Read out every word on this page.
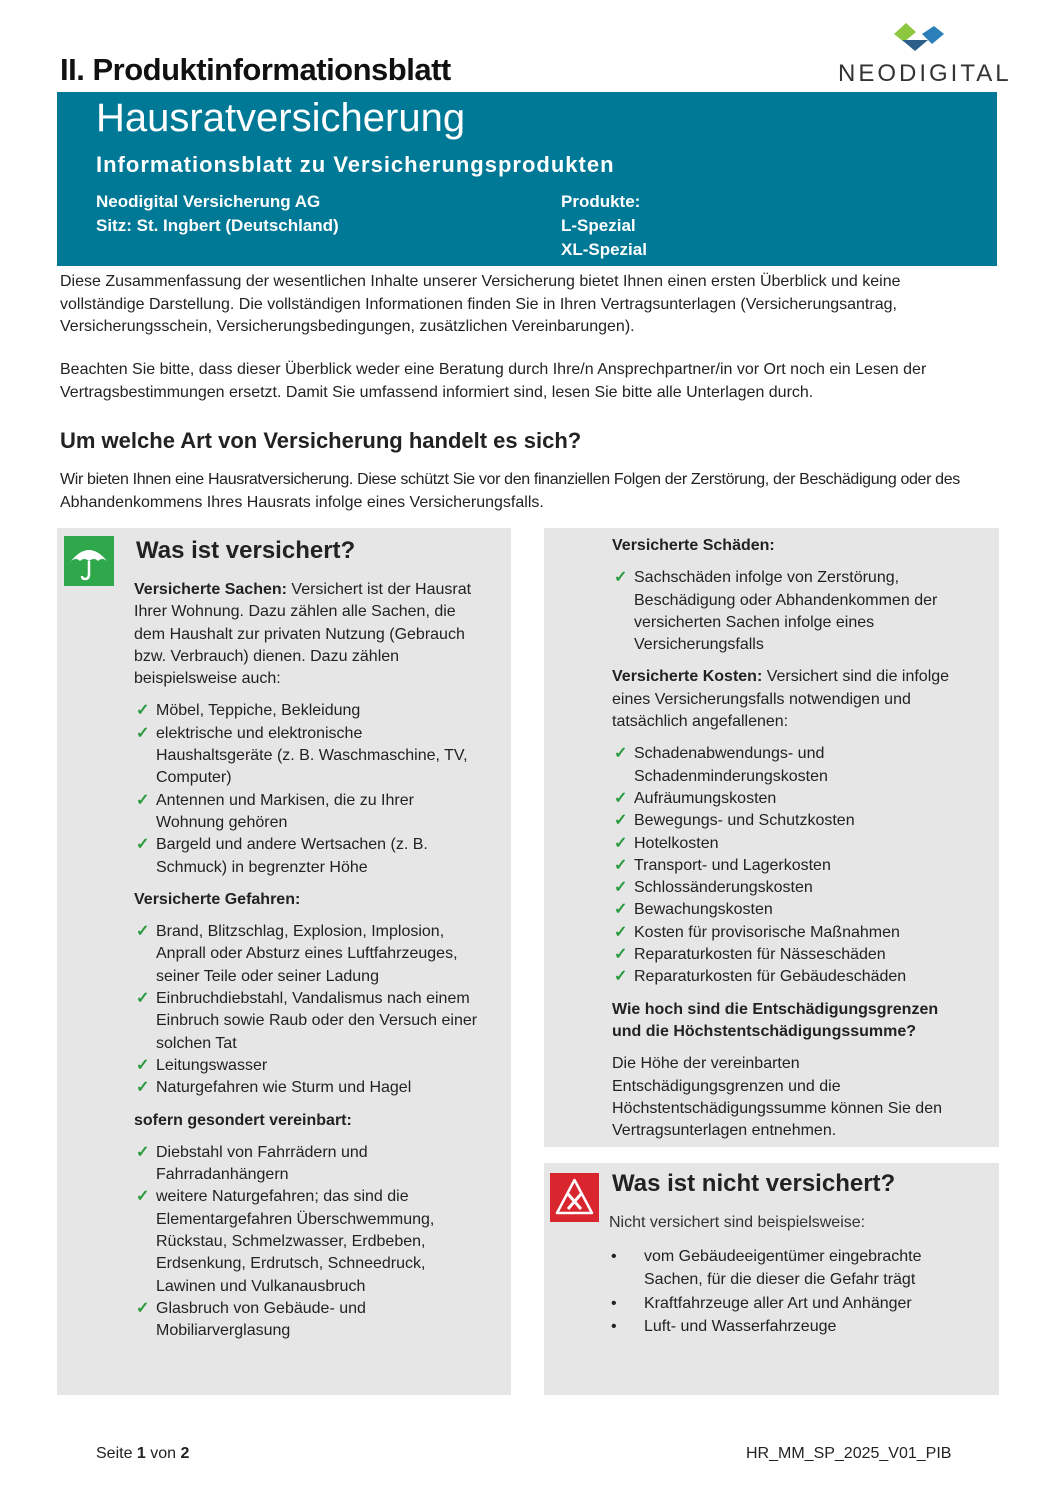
II. Produktinformationsblatt	NEODIGITAL
Hausratversicherung
Informationsblatt zu Versicherungsprodukten
Neodigital Versicherung AG
Sitz: St. Ingbert (Deutschland)
Produkte:
L-Spezial
XL-Spezial
Diese Zusammenfassung der wesentlichen Inhalte unserer Versicherung bietet Ihnen einen ersten Überblick und keine
vollständige Darstellung. Die vollständigen Informationen finden Sie in Ihren Vertragsunterlagen (Versicherungsantrag,
Versicherungsschein, Versicherungsbedingungen, zusätzlichen Vereinbarungen).
Beachten Sie bitte, dass dieser Überblick weder eine Beratung durch Ihre/n Ansprechpartner/in vor Ort noch ein Lesen der
Vertragsbestimmungen ersetzt. Damit Sie umfassend informiert sind, lesen Sie bitte alle Unterlagen durch.
Um welche Art von Versicherung handelt es sich?
Wir bieten Ihnen eine Hausratversicherung. Diese schützt Sie vor den finanziellen Folgen der Zerstörung, der Beschädigung oder des
Abhandenkommens Ihres Hausrats infolge eines Versicherungsfalls.
Was ist versichert?

Versicherte Sachen: Versichert ist der Hausrat
Ihrer Wohnung. Dazu zählen alle Sachen, die
dem Haushalt zur privaten Nutzung (Gebrauch
bzw. Verbrauch) dienen. Dazu zählen
beispielsweise auch:

✓ Möbel, Teppiche, Bekleidung
✓ elektrische und elektronische
Haushaltsgeräte (z. B. Waschmaschine, TV,
Computer)
✓ Antennen und Markisen, die zu Ihrer
Wohnung gehören
✓ Bargeld und andere Wertsachen (z. B.
Schmuck) in begrenzter Höhe

Versicherte Gefahren:

✓ Brand, Blitzschlag, Explosion, Implosion,
Anprall oder Absturz eines Luftfahrzeuges,
seiner Teile oder seiner Ladung
✓ Einbruchdiebstahl, Vandalismus nach einem
Einbruch sowie Raub oder den Versuch einer
solchen Tat
✓ Leitungswasser
✓ Naturgefahren wie Sturm und Hagel

sofern gesondert vereinbart:

✓ Diebstahl von Fahrrädern und
Fahrradanhängern
✓ weitere Naturgefahren; das sind die
Elementargefahren Überschwemmung,
Rückstau, Schmelzwasser, Erdbeben,
Erdsenkung, Erdrutsch, Schneedruck,
Lawinen und Vulkanausbruch
✓ Glasbruch von Gebäude- und
Mobiliarverglasung

Versicherte Schäden:

✓ Sachschäden infolge von Zerstörung,
Beschädigung oder Abhandenkommen der
versicherten Sachen infolge eines
Versicherungsfalls

Versicherte Kosten: Versichert sind die infolge
eines Versicherungsfalls notwendigen und
tatsächlich angefallenen:

✓ Schadenabwendungs- und
Schadenminderungskosten
✓ Aufräumungskosten
✓ Bewegungs- und Schutzkosten
✓ Hotelkosten
✓ Transport- und Lagerkosten
✓ Schlossänderungskosten
✓ Bewachungskosten
✓ Kosten für provisorische Maßnahmen
✓ Reparaturkosten für Nässeschäden
✓ Reparaturkosten für Gebäudeschäden

Wie hoch sind die Entschädigungsgrenzen
und die Höchstentschädigungssumme?

Die Höhe der vereinbarten
Entschädigungsgrenzen und die
Höchstentschädigungssumme können Sie den
Vertragsunterlagen entnehmen.

Was ist nicht versichert?

Nicht versichert sind beispielsweise:

• vom Gebäudeeigentümer eingebrachte
Sachen, für die dieser die Gefahr trägt
• Kraftfahrzeuge aller Art und Anhänger
• Luft- und Wasserfahrzeuge
Seite 1 von 2	HR_MM_SP_2025_V01_PIB
